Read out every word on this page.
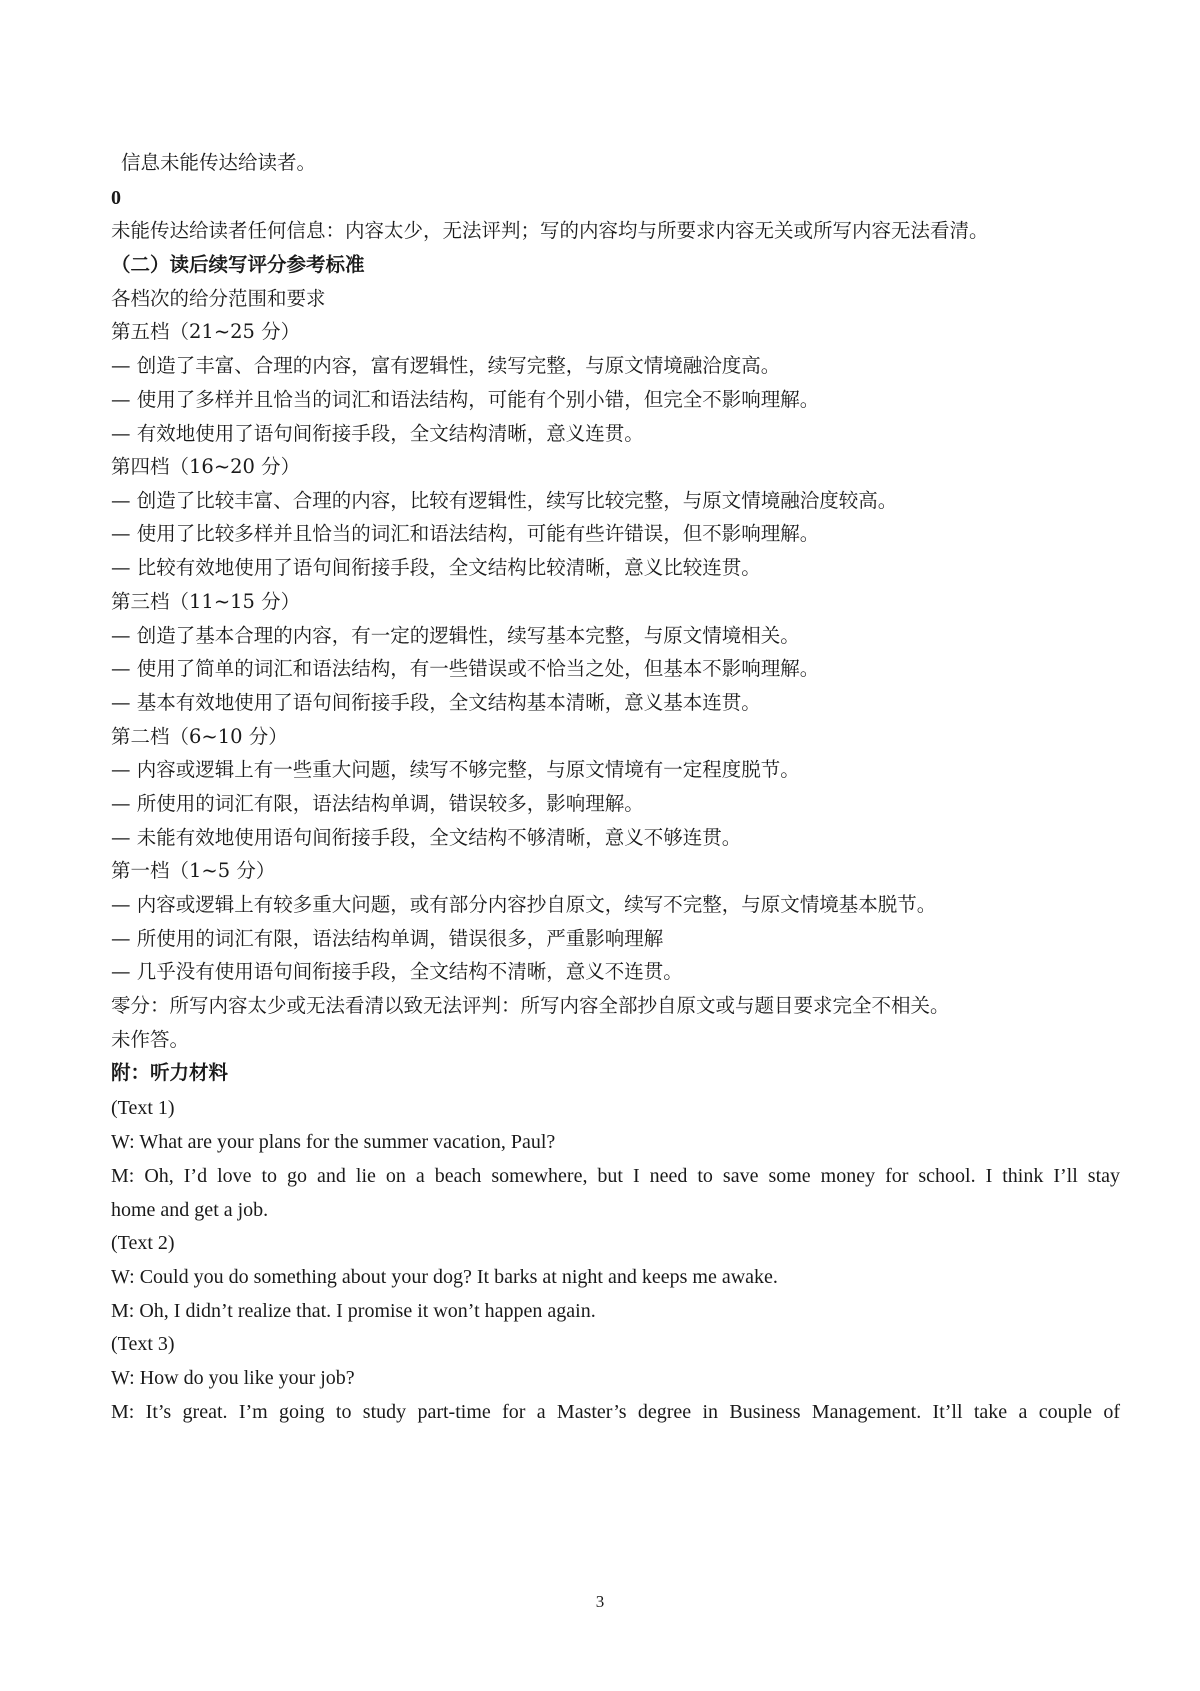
信息未能传达给读者。
0
未能传达给读者任何信息：内容太少，无法评判；写的内容均与所要求内容无关或所写内容无法看清。
（二）读后续写评分参考标准
各档次的给分范围和要求
第五档（21~25 分）
— 创造了丰富、合理的内容，富有逻辑性，续写完整，与原文情境融洽度高。
— 使用了多样并且恰当的词汇和语法结构，可能有个别小错，但完全不影响理解。
— 有效地使用了语句间衔接手段，全文结构清晰，意义连贯。
第四档（16~20 分）
— 创造了比较丰富、合理的内容，比较有逻辑性，续写比较完整，与原文情境融洽度较高。
— 使用了比较多样并且恰当的词汇和语法结构，可能有些许错误，但不影响理解。
— 比较有效地使用了语句间衔接手段，全文结构比较清晰，意义比较连贯。
第三档（11~15 分）
— 创造了基本合理的内容，有一定的逻辑性，续写基本完整，与原文情境相关。
— 使用了简单的词汇和语法结构，有一些错误或不恰当之处，但基本不影响理解。
— 基本有效地使用了语句间衔接手段，全文结构基本清晰，意义基本连贯。
第二档（6~10 分）
— 内容或逻辑上有一些重大问题，续写不够完整，与原文情境有一定程度脱节。
— 所使用的词汇有限，语法结构单调，错误较多，影响理解。
— 未能有效地使用语句间衔接手段，全文结构不够清晰，意义不够连贯。
第一档（1~5 分）
— 内容或逻辑上有较多重大问题，或有部分内容抄自原文，续写不完整，与原文情境基本脱节。
— 所使用的词汇有限，语法结构单调，错误很多，严重影响理解
— 几乎没有使用语句间衔接手段，全文结构不清晰，意义不连贯。
零分：所写内容太少或无法看清以致无法评判：所写内容全部抄自原文或与题目要求完全不相关。
未作答。
附：听力材料
(Text 1)
W: What are your plans for the summer vacation, Paul?
M: Oh, I’d love to go and lie on a beach somewhere, but I need to save some money for school. I think I’ll stay
home and get a job.
(Text 2)
W: Could you do something about your dog? It barks at night and keeps me awake.
M: Oh, I didn’t realize that. I promise it won’t happen again.
(Text 3)
W: How do you like your job?
M: It’s great. I’m going to study part-time for a Master’s degree in Business Management. It’ll take a couple of
3
